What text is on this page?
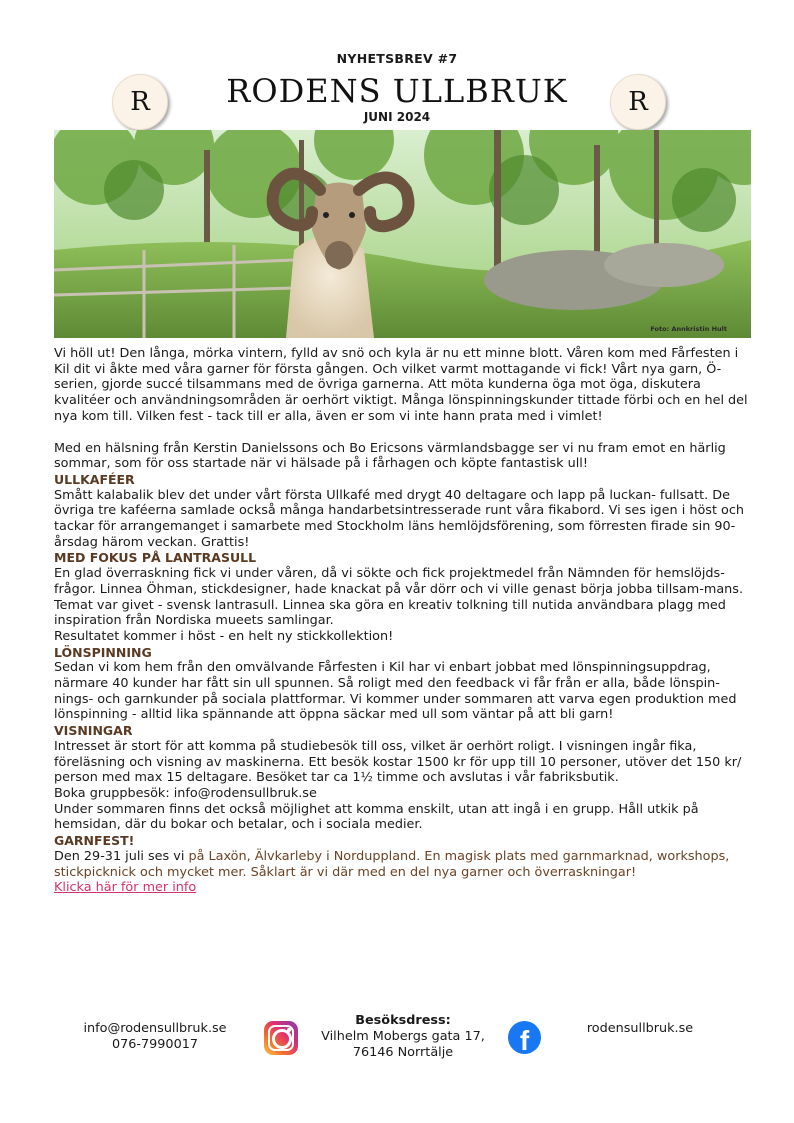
NYHETSBREV #7
RODENS ULLBRUK
JUNI 2024
R	R
Foto: Annkristin Hult

Vi höll ut! Den långa, mörka vintern, fylld av snö och kyla är nu ett minne blott. Våren kom med Fårfesten i Kil dit vi åkte med våra garner för första gången. Och vilket varmt mottagande vi fick! Vårt nya garn, Ö-serien, gjorde succé tilsammans med de övriga garnerna. Att möta kunderna öga mot öga, diskutera kvalitéer och användningsområden är oerhört viktigt. Många lönspinningskunder tittade förbi och en hel del nya kom till. Vilken fest - tack till er alla, även er som vi inte hann prata med i vimlet!

Med en hälsning från Kerstin Danielssons och Bo Ericsons värmlandsbagge ser vi nu fram emot en härlig sommar, som för oss startade när vi hälsade på i fårhagen och köpte fantastisk ull!

ULLKAFÉER

Smått kalabalik blev det under vårt första Ullkafé med drygt 40 deltagare och lapp på luckan- fullsatt. De övriga tre kaféerna samlade också många handarbetsintresserade runt våra fikabord. Vi ses igen i höst och tackar för arrangemanget i samarbete med Stockholm läns hemlöjdsförening, som förresten firade sin 90-årsdag härom veckan. Grattis!

MED FOKUS PÅ LANTRASULL

En glad överraskning fick vi under våren, då vi sökte och fick projektmedel från Nämnden för hemslöjds-frågor. Linnea Öhman, stickdesigner, hade knackat på vår dörr och vi ville genast börja jobba tillsam-mans. Temat var givet - svensk lantrasull. Linnea ska göra en kreativ tolkning till nutida användbara plagg med inspiration från Nordiska mueets samlingar.

Resultatet kommer i höst - en helt ny stickkollektion!

LÖNSPINNING

Sedan vi kom hem från den omvälvande Fårfesten i Kil har vi enbart jobbat med lönspinningsuppdrag, närmare 40 kunder har fått sin ull spunnen. Så roligt med den feedback vi får från er alla, både lönspin-nings- och garnkunder på sociala plattformar. Vi kommer under sommaren att varva egen produktion med lönspinning - alltid lika spännande att öppna säckar med ull som väntar på att bli garn!

VISNINGAR

Intresset är stort för att komma på studiebesök till oss, vilket är oerhört roligt. I visningen ingår fika, föreläsning och visning av maskinerna. Ett besök kostar 1500 kr för upp till 10 personer, utöver det 150 kr/ person med max 15 deltagare. Besöket tar ca 1½ timme och avslutas i vår fabriksbutik.

Boka gruppbesök: info@rodensullbruk.se

Under sommaren finns det också möjlighet att komma enskilt, utan att ingå i en grupp. Håll utkik på hemsidan, där du bokar och betalar, och i sociala medier.

GARNFEST!

Den 29-31 juli ses vi på Laxön, Älvkarleby i Norduppland. En magisk plats med garnmarknad, workshops, stickpicknick och mycket mer. Såklart är vi där med en del nya garner och överraskningar!

Klicka här för mer info

info@rodensullbruk.se
076-7990017
Besöksdress:
Vilhelm Mobergs gata 17,
76146 Norrtälje	f	rodensullbruk.se
